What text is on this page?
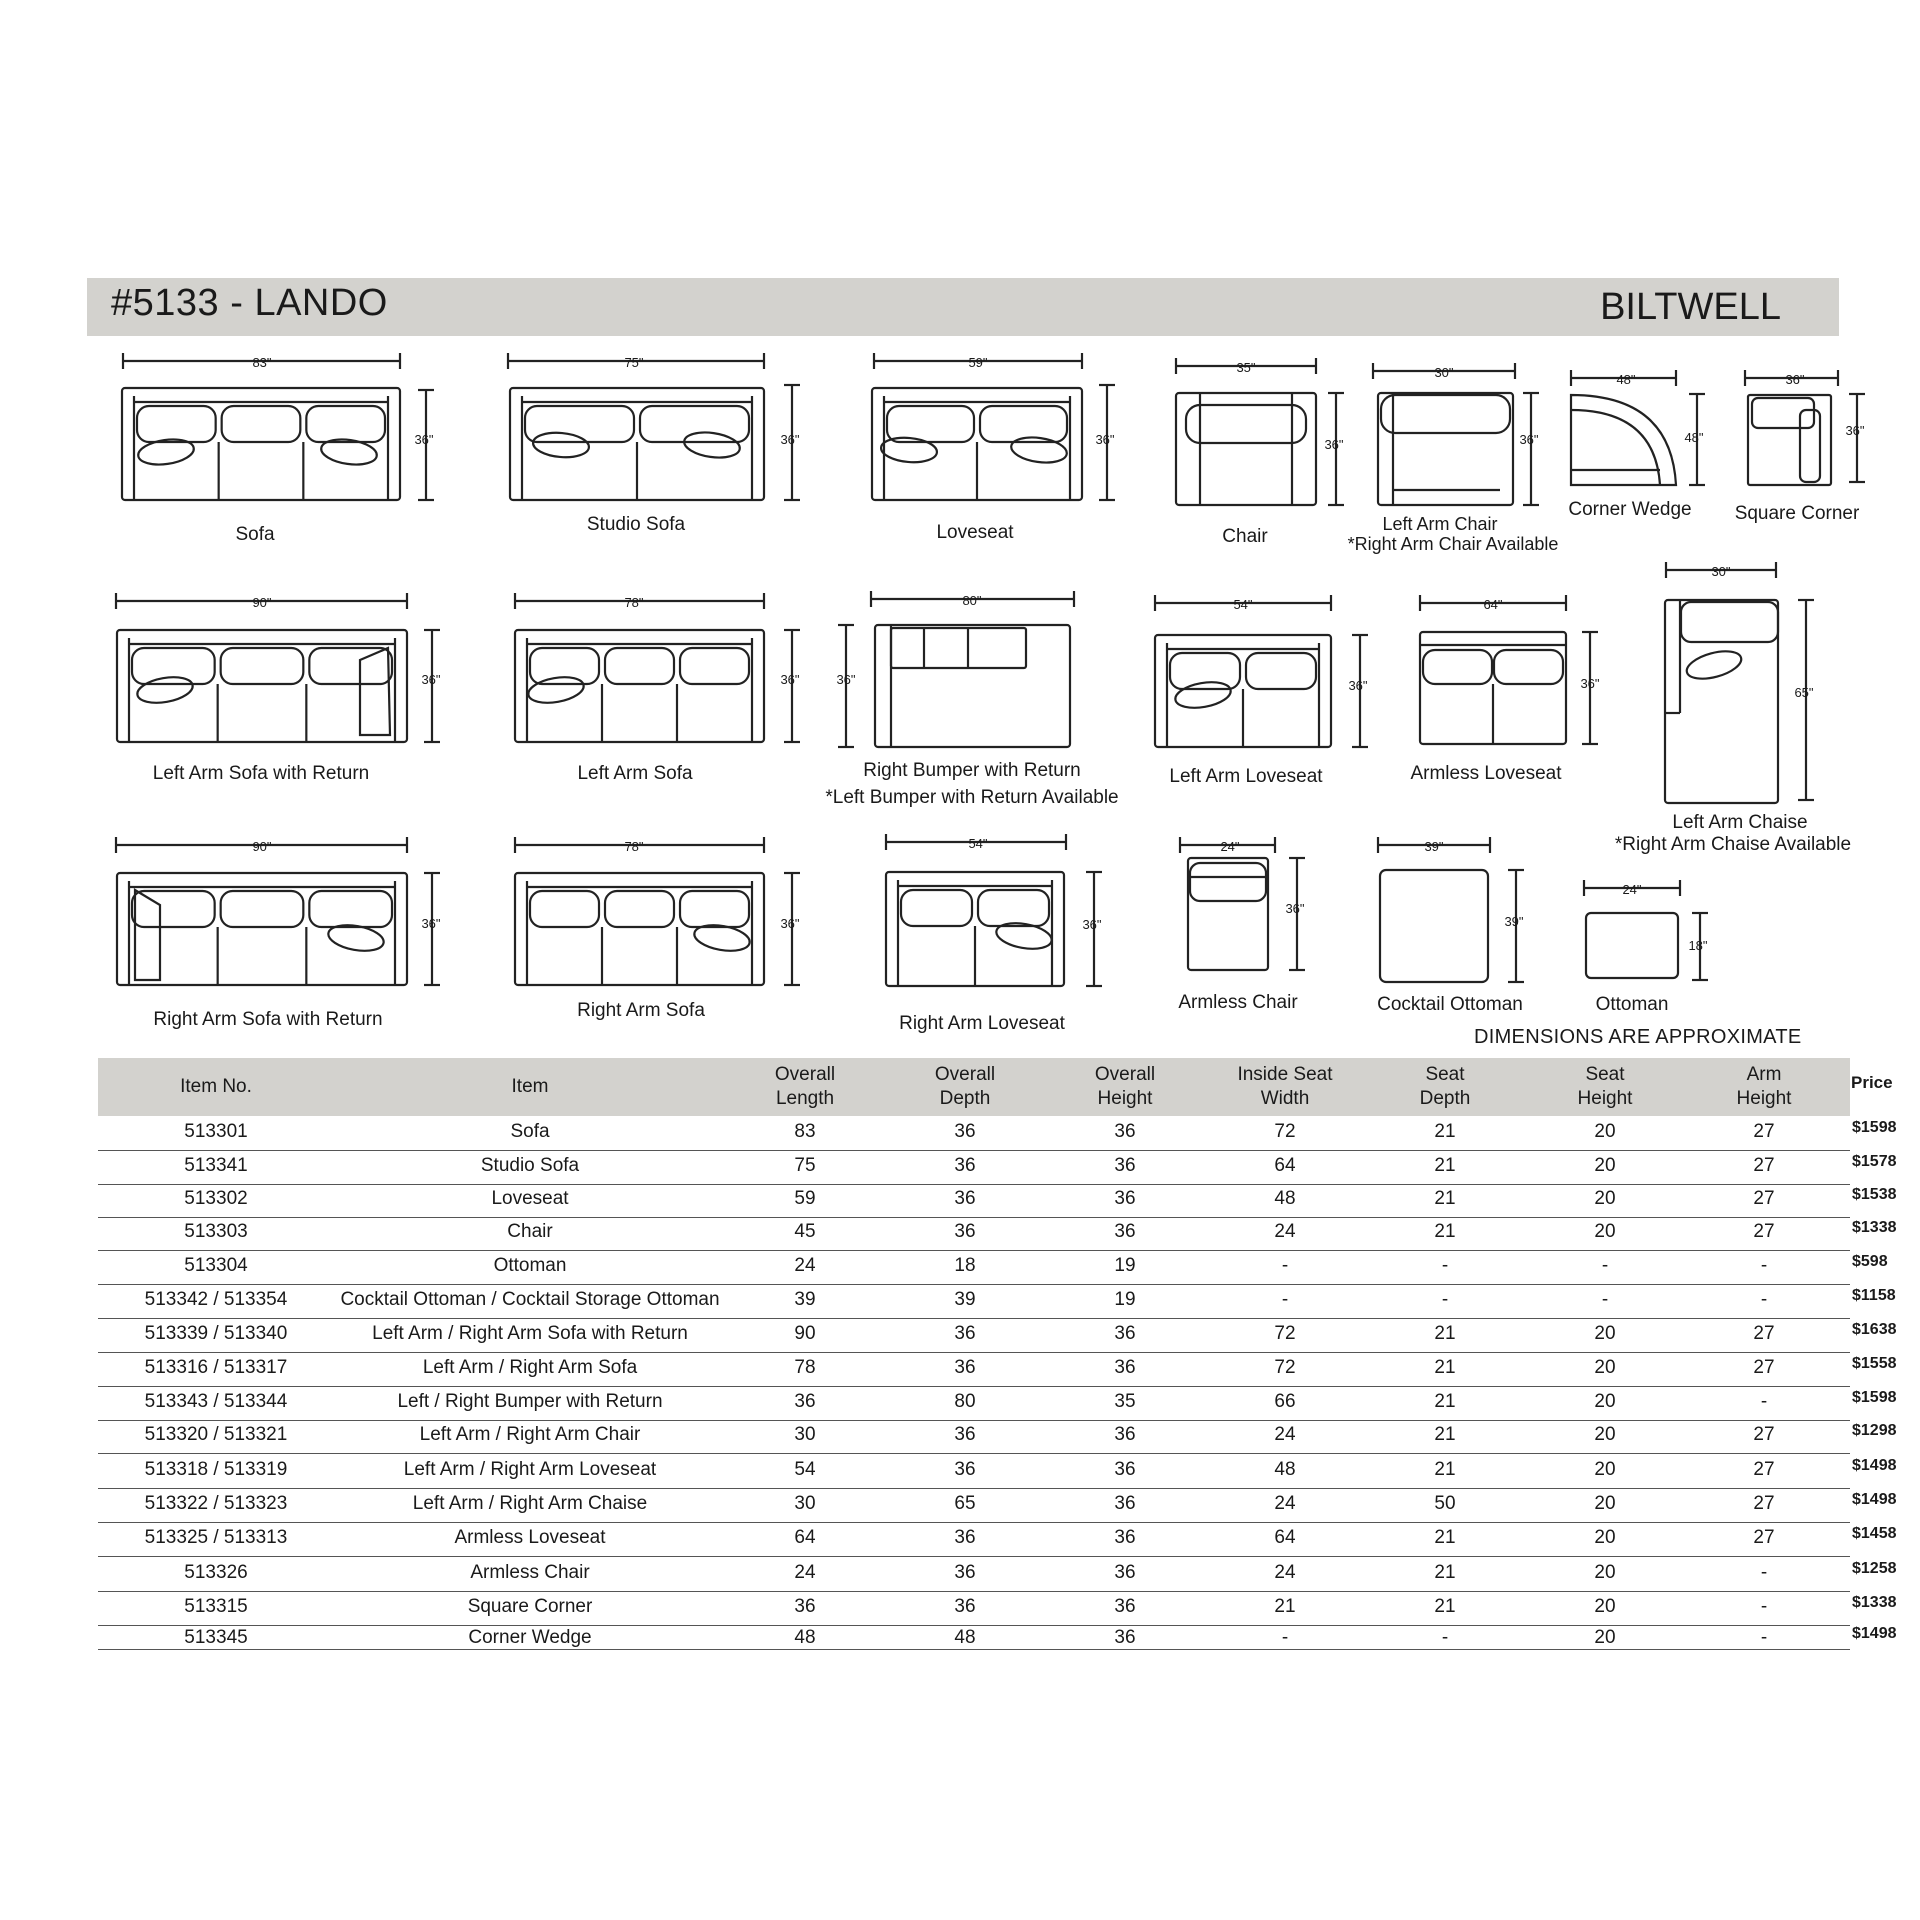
#5133 - LANDO	BILTWELL
83"
36"
Sofa
75"
36"
Studio Sofa
59"
36"
Loveseat
35"
36"
Chair
30"
36"
Left Arm Chair
*Right Arm Chair Available
48"
48"
Corner Wedge
36"
36"
Square Corner
90"
36"
Left Arm Sofa with Return
78"
36"
Left Arm Sofa
80"
36"
Right Bumper with Return
*Left Bumper with Return Available
54"
36"
Left Arm Loveseat
64"
36"
Armless Loveseat
30"
65"
Left Arm Chaise
*Right Arm Chaise Available
90"
36"
Right Arm Sofa with Return
78"
36"
Right Arm Sofa
54"
36"
Right Arm Loveseat
24"
36"
Armless Chair
39"
39"
Cocktail Ottoman
24"
18"
Ottoman
DIMENSIONS ARE APPROXIMATE
Item No.	Item
Overall
Length
Overall
Depth
Overall
Height
Inside Seat
Width
Seat
Depth
Seat
Height
Arm
Height
Price
513301	Sofa	83	36	36	72	21	20	27	$1598
513341	Studio Sofa	75	36	36	64	21	20	27	$1578
513302	Loveseat	59	36	36	48	21	20	27	$1538
513303	Chair	45	36	36	24	21	20	27	$1338
513304	Ottoman	24	18	19	-	-	-	-	$598
513342 / 513354	Cocktail Ottoman / Cocktail Storage Ottoman	39	39	19	-	-	-	-	$1158
513339 / 513340	Left Arm / Right Arm Sofa with Return	90	36	36	72	21	20	27	$1638
513316 / 513317	Left Arm / Right Arm Sofa	78	36	36	72	21	20	27	$1558
513343 / 513344	Left / Right Bumper with Return	36	80	35	66	21	20	-	$1598
513320 / 513321	Left Arm / Right Arm Chair	30	36	36	24	21	20	27	$1298
513318 / 513319	Left Arm / Right Arm Loveseat	54	36	36	48	21	20	27	$1498
513322 / 513323	Left Arm / Right Arm Chaise	30	65	36	24	50	20	27	$1498
513325 / 513313	Armless Loveseat	64	36	36	64	21	20	27	$1458
513326	Armless Chair	24	36	36	24	21	20	-	$1258
513315	Square Corner	36	36	36	21	21	20	-	$1338
513345	Corner Wedge	48	48	36	-	-	20	-	$1498
